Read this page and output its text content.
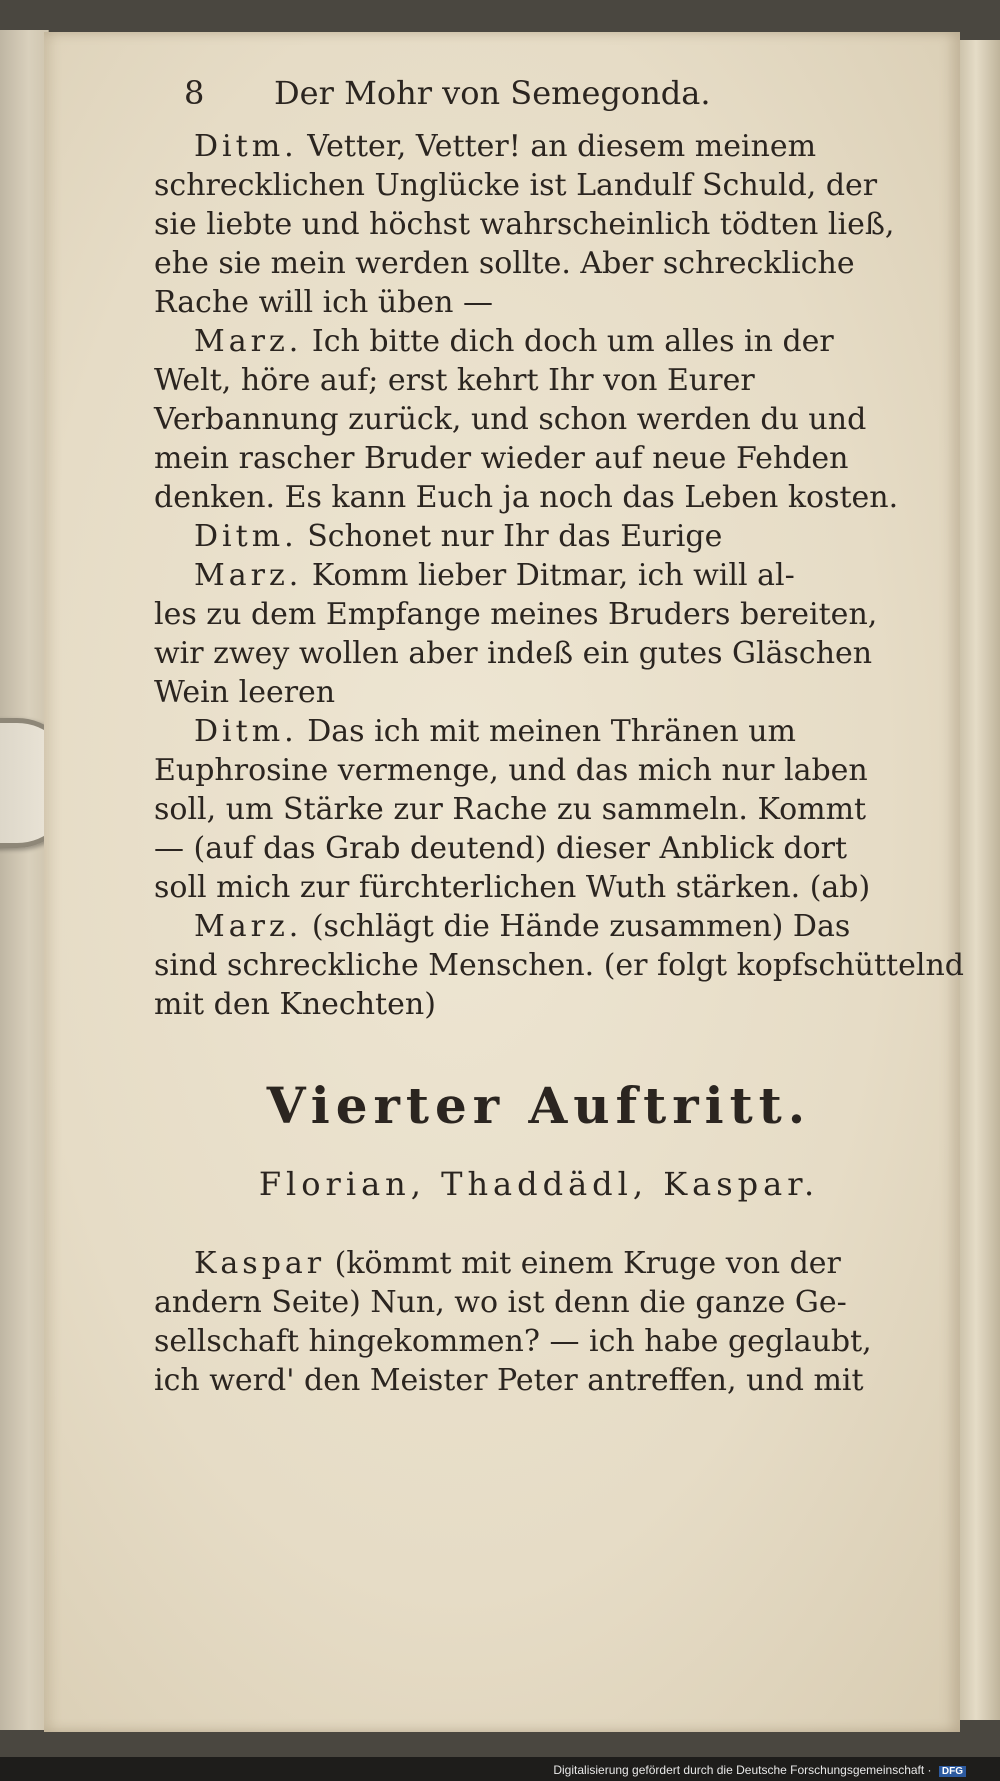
8	Der Mohr von Semegonda.
Ditm. Vetter, Vetter! an diesem meinem
schrecklichen Unglücke ist Landulf Schuld, der
sie liebte und höchst wahrscheinlich tödten ließ,
ehe sie mein werden sollte. Aber schreckliche
Rache will ich üben —
Marz. Ich bitte dich doch um alles in der
Welt, höre auf; erst kehrt Ihr von Eurer
Verbannung zurück, und schon werden du und
mein rascher Bruder wieder auf neue Fehden
denken. Es kann Euch ja noch das Leben kosten.
Ditm. Schonet nur Ihr das Eurige
Marz. Komm lieber Ditmar, ich will al-
les zu dem Empfange meines Bruders bereiten,
wir zwey wollen aber indeß ein gutes Gläschen
Wein leeren
Ditm. Das ich mit meinen Thränen um
Euphrosine vermenge, und das mich nur laben
soll, um Stärke zur Rache zu sammeln. Kommt
— (auf das Grab deutend) dieser Anblick dort
soll mich zur fürchterlichen Wuth stärken. (ab)
Marz. (schlägt die Hände zusammen) Das
sind schreckliche Menschen. (er folgt kopfschüttelnd
mit den Knechten)
Vierter Auftritt.
Florian, Thaddädl, Kaspar.
Kaspar (kömmt mit einem Kruge von der
andern Seite) Nun, wo ist denn die ganze Ge-
sellschaft hingekommen? — ich habe geglaubt,
ich werd' den Meister Peter antreffen, und mit
Digitalisierung gefördert durch die Deutsche Forschungsgemeinschaft · DFG
